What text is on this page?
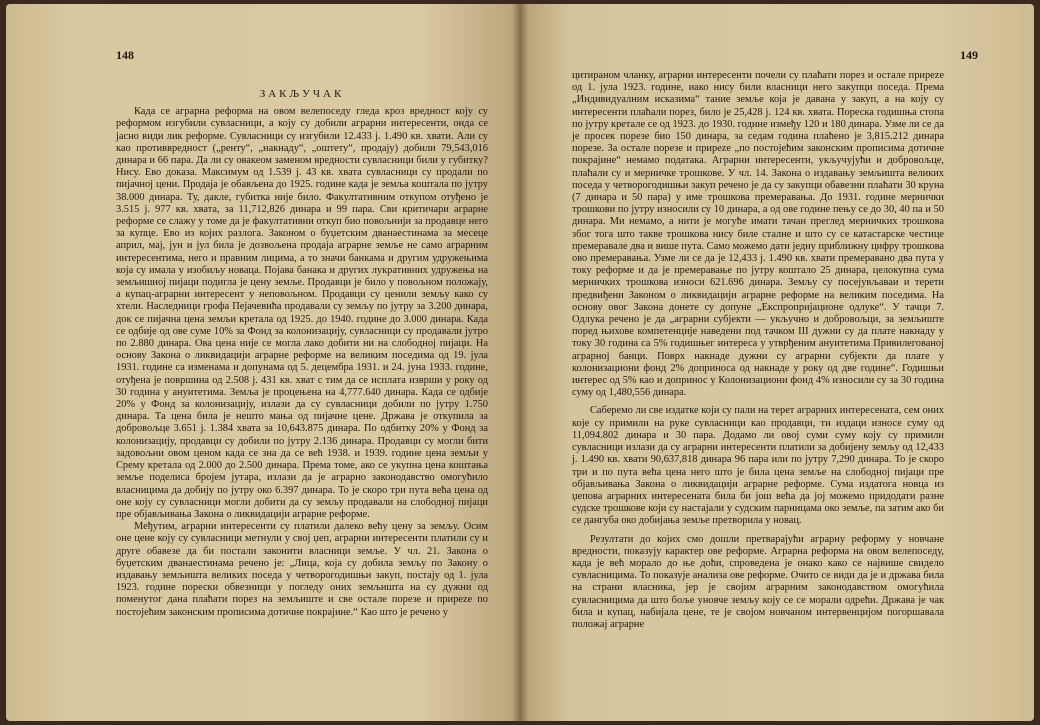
148
ЗАКЉУЧАК

Када се аграрна реформа на овом велепоседу гледа кроз вредност коју су реформом изгубили сувласници, а коју су добили аграрни интересенти, онда се јасно види лик реформе. Сувласници су изгубили 12.433 ј. 1.490 кв. хвати. Али су као противвредност („ренту“, „накнаду“, „оштету“, продају) добили 79,543,016 динара и 66 пара. Да ли су овакеом заменом вредности сувласници били у губитку? Нису. Ево доказа. Максимум од 1.539 ј. 43 кв. хвата сувласници су продали по пијачној цени. Продаја је обављена до 1925. године када је земља коштала по јутру 38.000 динара. Ту, дакле, губитка није било. Факултативним откупом отуђено је 3.515 ј. 977 кв. хвата, за 11,712,826 динара и 99 пара. Сви критичари аграрне реформе се слажу у томе да је факултативни откуп био повољнији за продавце него за купце. Ево из којих разлога. Законом о буџетским дванаестинама за месеце април, мај, јун и јул била је дозвољена продаја аграрне земље не само аграрним интересентима, него и правним лицима, а то значи банкама и другим удружењима која су имала у изобиљу новаца. Појава банака и других лукративних удружења на земљишној пијаци подигла је цену земље. Продавци је било у повољном положају, а купац-аграрни интересент у неповољном. Продавци су ценили земљу како су хтели. Наследници грофа Пејачевића продавали су земљу по јутру за 3.200 динара, док се пијачна цена земљи кретала од 1925. до 1940. године до 3.000 динара. Када се одбије од ове суме 10% за Фонд за колонизацију, сувласници су продавали јутро по 2.880 динара. Ова цена није се могла лако добити ни на слободној пијаци. На основу Закона о ликвидацији аграрне реформе на великим поседима од 19. јула 1931. године са изменама и допунама од 5. децембра 1931. и 24. јуна 1933. године, отуђена је површина од 2.508 ј. 431 кв. хват с тим да се исплата изврши у року од 30 година у ануитетима. Земља је процењена на 4,777.640 динара. Када се одбије 20% у Фонд за колонизацију, излази да су сувласници добили по јутру 1.750 динара. Та цена била је нешто мања од пијачне цене. Држава је откупила за добровољце 3.651 ј. 1.384 хвата за 10,643.875 динара. По одбитку 20% у Фонд за колонизацију, продавци су добили по јутру 2.136 динара. Продавци су могли бити задовољни овом ценом када се зна да се већ 1938. и 1939. године цена земљи у Срему кретала од 2.000 до 2.500 динара. Према томе, ако се укупна цена коштања земље поделисa бројем јутара, излази да је аграрно законодавство омогућило власницима да добију по јутру око 6.397 динара. То је скоро три пута већа цена од оне коју су сувласници могли добити да су земљу продавали на слободној пијаци пре објављивања Закона о ликвидацији аграрне реформе.

Међутим, аграрни интересенти су платили далеко већу цену за земљу. Осим оне цене коју су сувласници метнули у свој џеп, аграрни интересенти платили су и друге обавезе да би постали законити власници земље. У чл. 21. Закона о буџетским дванаестинама речено је: „Лица, која су добила земљу по Закону о издавању земљишта великих поседа у четворогодишњи закуп, постају од 1. јула 1923. године порески обвезници у погледу оних земљишта на су дужни од поменутог дана плаћати порез на земљиште и све остале порезе и приреze по постојећим законским прописима дотичне покрајине.“ Као што је речено у

149

цитираном чланку, аграрни интересенти почели су плаћати порез и остале приреze од 1. јула 1923. године, иако нису били власници него закупци поседа. Према „Индивидуалним исказима“ тание земље која је давана у закуп, а на коју су интересенти плаћали порез, било је 25,428 ј. 124 кв. хвата. Пореска годишња стопа по јутру кретале се од 1923. до 1930. године између 120 и 180 динара. Узме ли се да је просек порезе био 150 динара, за седам година плаћено је 3,815.212 динара порезе. За остале порезе и приреze „по постојећим законским прописима дотичне покрајине“ немамо података. Аграрни интересенти, укључујући и добровољце, плаћали су и мерничке трошкове. У чл. 14. Закона о издавању земљишта великих поседа у четворогодишњи закуп речено је да су закупци обавезни плаћати 30 круна (7 динара и 50 пара) у име трошкова премеравања. До 1931. године мернички трошкови по јутру износили су 10 динара, а од ове године пењу се до 30, 40 па и 50 динара. Ми немамо, а нити је могуће имати тачан преглед мерничких трошкова због тога што такве трошкова нису биле сталне и што су се катастарске честице премеравале два и више пута. Само можемо дати једну приближну цифру трошкова ово премеравања. Узме ли се да је 12,433 ј. 1.490 кв. хвати премеравано два пута у току реформе и да је премеравање по јутру коштало 25 динара, целокупна сума мерничких трошкова износи 621.696 динара. Земљу су посејувљаваи и терети предвиђени Законом о ликвидацији аграрне реформе на великим поседима. На основу овог Закона донете су допуне „Експропријационе одлуке“. У тачци 7. Одлука речено је да „аграрни субјекти — укључно и добровољци, за земљиште поред њихове компетенције наведени под тачком III дужни су да плате накнаду у току 30 година са 5% годишњег интереса у утврђеним ануитетима Привилегованој аграрној банци. Поврх накнаде дужни су аграрни субјекти да плате у колонизациони фонд 2% доприноса од накнаде у року од две године“. Годишњи интерес од 5% као и допринос у Колонизациони фонд 4% износили су за 30 година суму од 1,480,556 динара.

Саберемо ли све издатке који су пали на терет аграрних интересената, сем оних које су примили на руке сувласници као продавци, ти издаци износе суму од 11,094.802 динара и 30 пара. Додамо ли овој суми суму коју су примили сувласници излази да су аграрни интересенти платили за добијену земљу од 12,433 ј. 1.490 кв. хвати 90,637,818 динара 96 пара или по јутру 7,290 динара. То је скоро три и по пута већа цена него што је била цена земље на слободној пијаци пре објављивања Закона о ликвидацији аграрне реформе. Сума издатога новца из џепова аграрних интересената била би још већа да јој можемо придодати разне судске трошкове који су настајали у судским парницама око земље, па затим ако би се дангуба око добијања земље претворила у новац.

Резултати до којих смо дошли претварајући аграрну реформу у новчане вредности, показују карактер ове реформе. Аграрна реформа на овом велепоседу, када је већ морало до ње доћи, спроведена је онако како се највише свидело сувласницима. То показује анализа ове реформе. Очито се види да је и држава била на страни власника, јер је својим аграрним законодавством омогућила сувласницима да што боље уновче земљу коју се се морали одрећи. Држава је чак била и купац, набијала цене, те је својом новчаном интервенцијом погоршавала положај аграрне
